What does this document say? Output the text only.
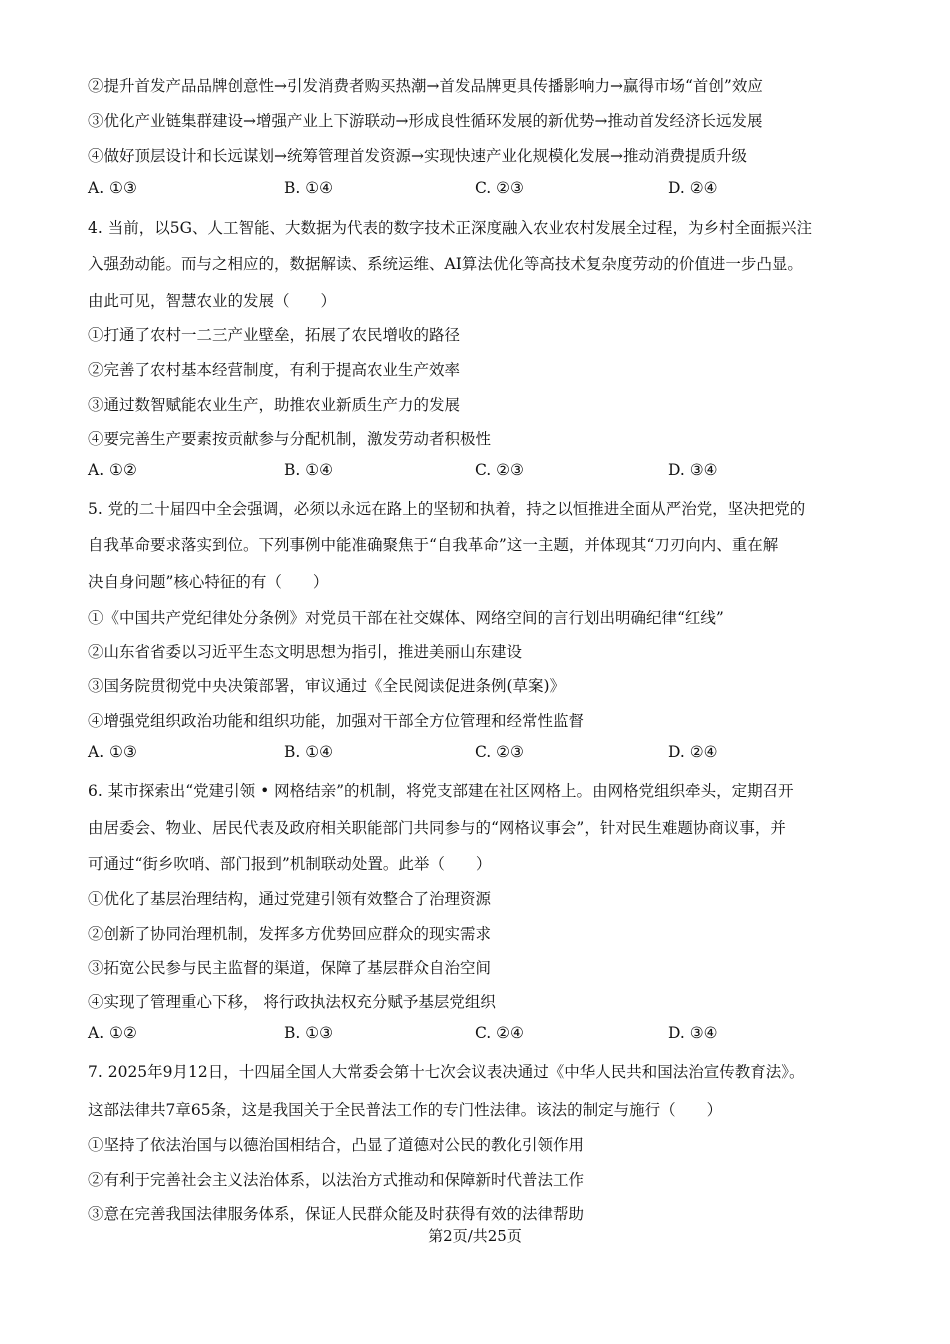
②提升首发产品品牌创意性→引发消费者购买热潮→首发品牌更具传播影响力→赢得市场“首创”效应
③优化产业链集群建设→增强产业上下游联动→形成良性循环发展的新优势→推动首发经济长远发展
④做好顶层设计和长远谋划→统筹管理首发资源→实现快速产业化规模化发展→推动消费提质升级
A. ①③	B. ①④	C. ②③	D. ②④
4. 当前，以5G、人工智能、大数据为代表的数字技术正深度融入农业农村发展全过程，为乡村全面振兴注
入强劲动能。而与之相应的，数据解读、系统运维、AI算法优化等高技术复杂度劳动的价值进一步凸显。
由此可见，智慧农业的发展（　　）
①打通了农村一二三产业壁垒，拓展了农民增收的路径
②完善了农村基本经营制度，有利于提高农业生产效率
③通过数智赋能农业生产，助推农业新质生产力的发展
④要完善生产要素按贡献参与分配机制，激发劳动者积极性
A. ①②	B. ①④	C. ②③	D. ③④
5. 党的二十届四中全会强调，必须以永远在路上的坚韧和执着，持之以恒推进全面从严治党，坚决把党的
自我革命要求落实到位。下列事例中能准确聚焦于“自我革命”这一主题，并体现其“刀刃向内、重在解
决自身问题”核心特征的有（　　）
①《中国共产党纪律处分条例》对党员干部在社交媒体、网络空间的言行划出明确纪律“红线”
②山东省省委以习近平生态文明思想为指引，推进美丽山东建设
③国务院贯彻党中央决策部署，审议通过《全民阅读促进条例(草案)》
④增强党组织政治功能和组织功能，加强对干部全方位管理和经常性监督
A. ①③	B. ①④	C. ②③	D. ②④
6. 某市探索出“党建引领 • 网格结亲”的机制，将党支部建在社区网格上。由网格党组织牵头，定期召开
由居委会、物业、居民代表及政府相关职能部门共同参与的“网格议事会”，针对民生难题协商议事，并
可通过“街乡吹哨、部门报到”机制联动处置。此举（　　）
①优化了基层治理结构，通过党建引领有效整合了治理资源
②创新了协同治理机制，发挥多方优势回应群众的现实需求
③拓宽公民参与民主监督的渠道，保障了基层群众自治空间
④实现了管理重心下移， 将行政执法权充分赋予基层党组织
A. ①②	B. ①③	C. ②④	D. ③④
7. 2025年9月12日，十四届全国人大常委会第十七次会议表决通过《中华人民共和国法治宣传教育法》。
这部法律共7章65条，这是我国关于全民普法工作的专门性法律。该法的制定与施行（　　）
①坚持了依法治国与以德治国相结合，凸显了道德对公民的教化引领作用
②有利于完善社会主义法治体系，以法治方式推动和保障新时代普法工作
③意在完善我国法律服务体系，保证人民群众能及时获得有效的法律帮助
第2页/共25页
